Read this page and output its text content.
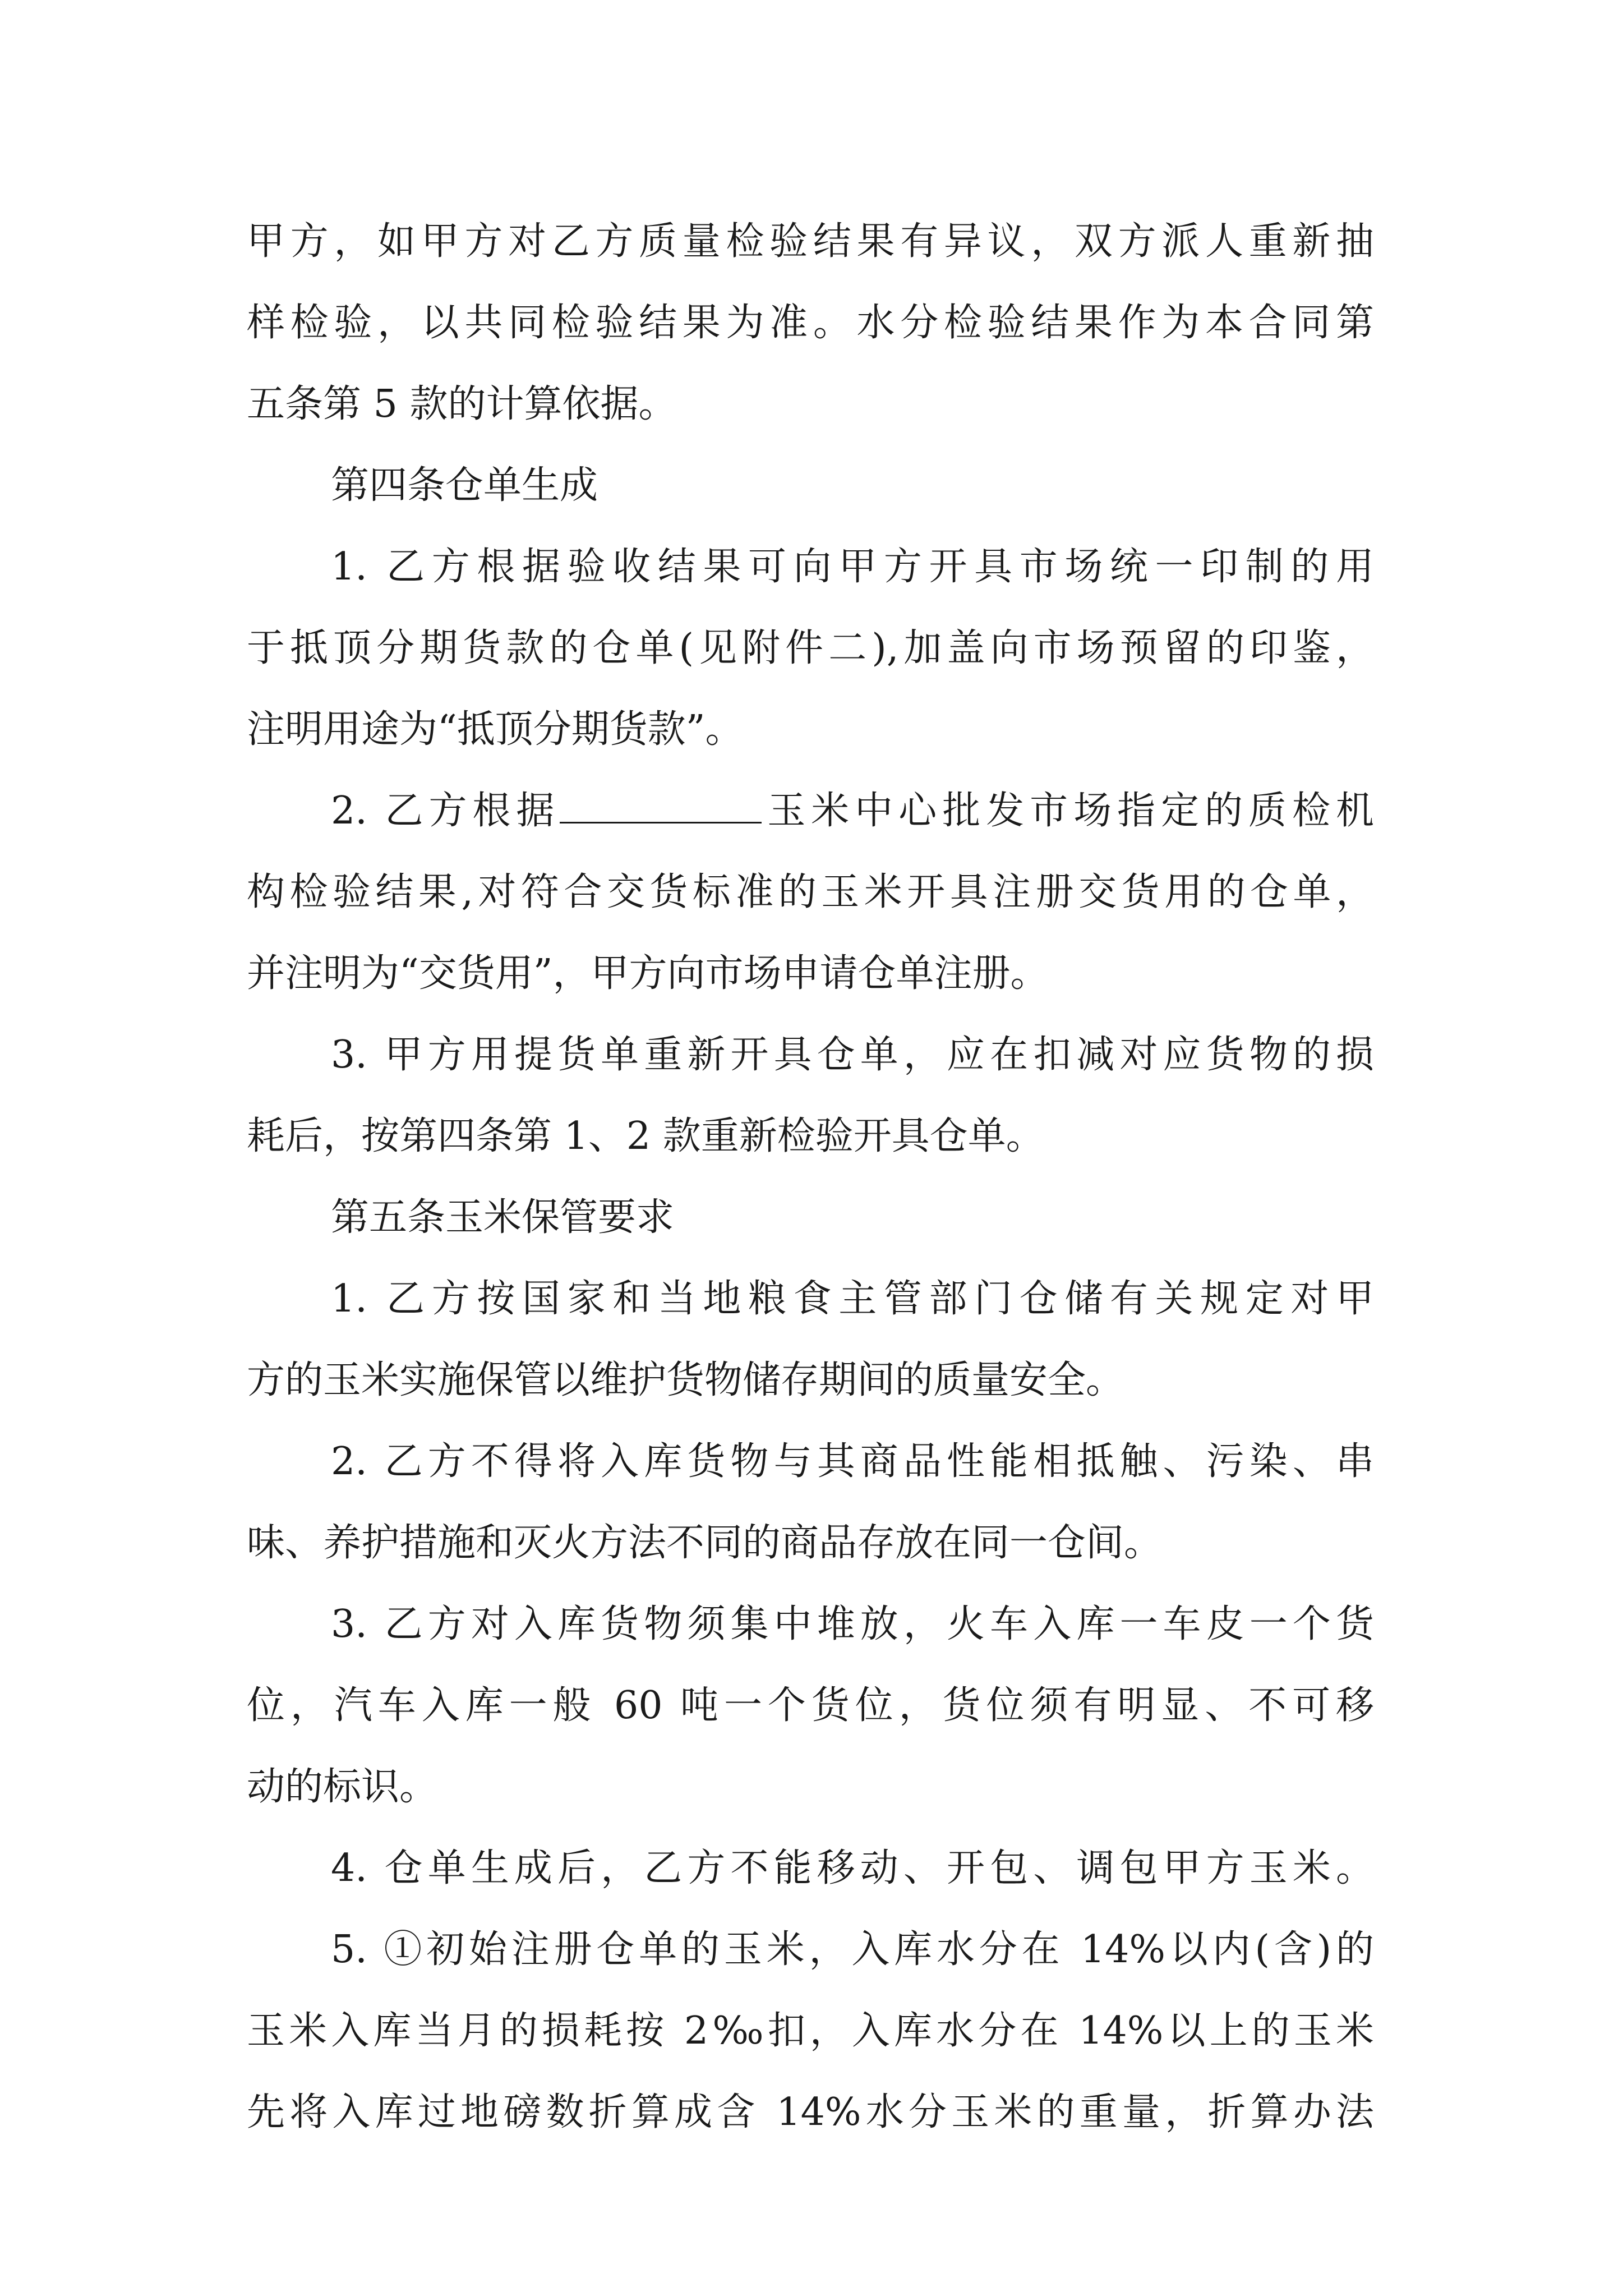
甲方，如甲方对乙方质量检验结果有异议，双方派人重新抽
样检验，以共同检验结果为准。水分检验结果作为本合同第
五条第 5 款的计算依据。
第四条仓单生成
1. 乙方根据验收结果可向甲方开具市场统一印制的用
于抵顶分期货款的仓单(见附件二),加盖向市场预留的印鉴，
注明用途为“抵顶分期货款”。
2. 乙方根据	玉米中心批发市场指定的质检机
构检验结果,对符合交货标准的玉米开具注册交货用的仓单，
并注明为“交货用”，甲方向市场申请仓单注册。
3. 甲方用提货单重新开具仓单，应在扣减对应货物的损
耗后，按第四条第 1、2 款重新检验开具仓单。
第五条玉米保管要求
1. 乙方按国家和当地粮食主管部门仓储有关规定对甲
方的玉米实施保管以维护货物储存期间的质量安全。
2. 乙方不得将入库货物与其商品性能相抵触、污染、串
味、养护措施和灭火方法不同的商品存放在同一仓间。
3. 乙方对入库货物须集中堆放，火车入库一车皮一个货
位，汽车入库一般 60 吨一个货位，货位须有明显、不可移
动的标识。
4. 仓单生成后，乙方不能移动、开包、调包甲方玉米。
5. ①初始注册仓单的玉米，入库水分在 14%以内(含)的
玉米入库当月的损耗按 2‰扣，入库水分在 14%以上的玉米
先将入库过地磅数折算成含 14%水分玉米的重量，折算办法
